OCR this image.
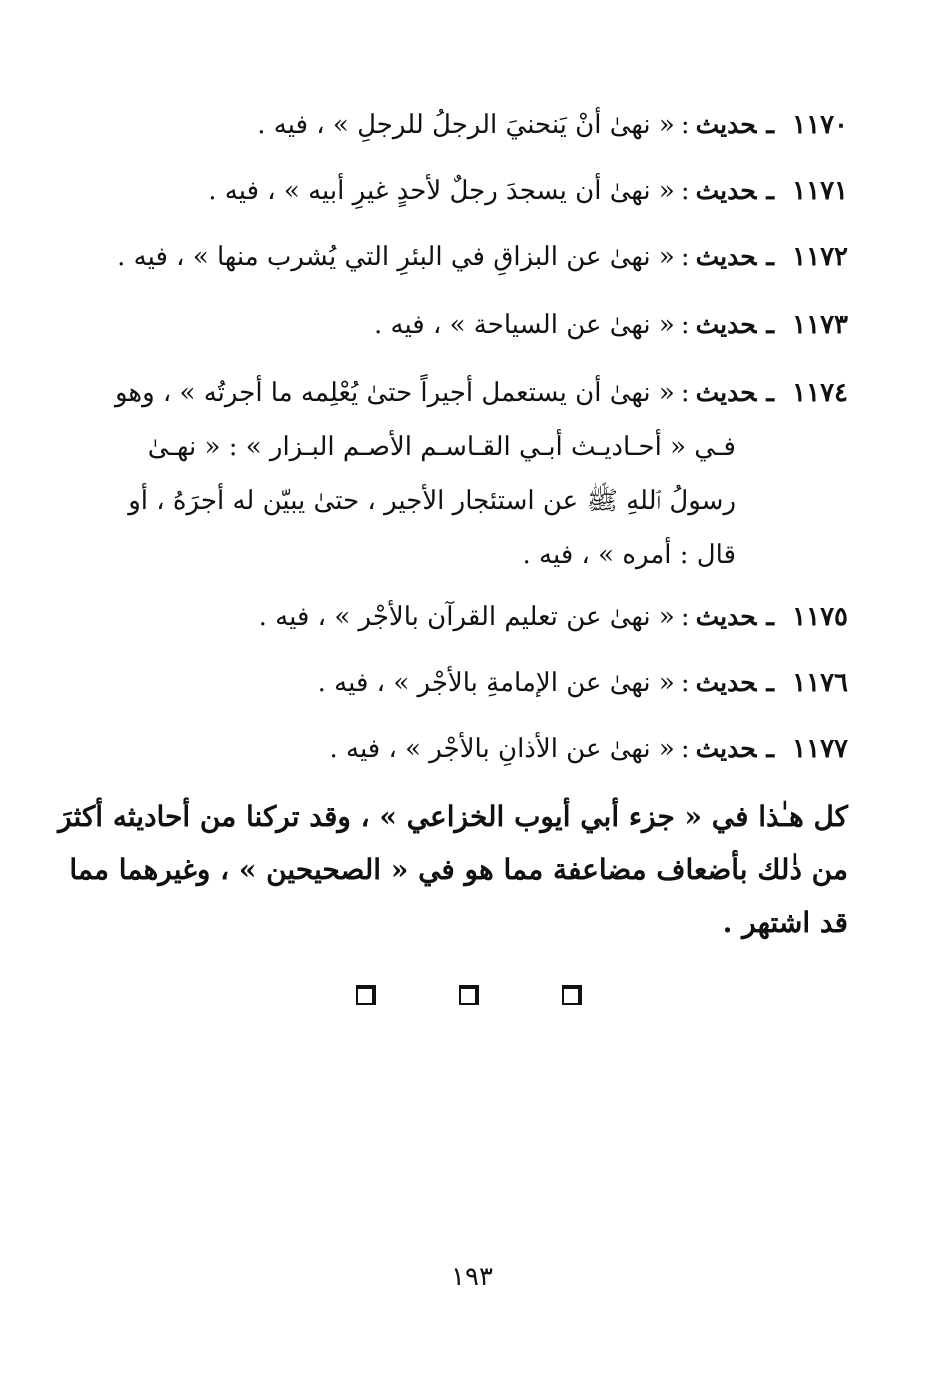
١١٧٠ـحديث:« نهىٰ أنْ يَنحنيَ الرجلُ للرجلِ » ، فيه .
١١٧١ـحديث:« نهىٰ أن يسجدَ رجلٌ لأحدٍ غيرِ أبيه » ، فيه .
١١٧٢ـحديث:« نهىٰ عن البزاقِ في البئرِ التي يُشرب منها » ، فيه .
١١٧٣ـحديث:« نهىٰ عن السياحة » ، فيه .
١١٧٤ـحديث:« نهىٰ أن يستعمل أجيراً حتىٰ يُعْلِمه ما أجرتُه » ، وهو
فـي « أحـاديـث أبـي القـاسـم الأصـم البـزار » : « نهـىٰ
رسولُ ٱللهِ ﷺ عن استئجار الأجير ، حتىٰ يبيّن له أجرَهُ ، أو
قال : أمره » ، فيه .
١١٧٥ـحديث:« نهىٰ عن تعليم القرآن بالأجْر » ، فيه .
١١٧٦ـحديث:« نهىٰ عن الإمامةِ بالأجْر » ، فيه .
١١٧٧ـحديث:« نهىٰ عن الأذانِ بالأجْر » ، فيه .
كل هـٰذا في « جزء أبي أيوب الخزاعي » ، وقد تركنا من أحاديثه أكثرَ
من ذٰلك بأضعاف مضاعفة مما هو في « الصحيحين » ، وغيرهما مما
قد اشتهر .
١٩٣
